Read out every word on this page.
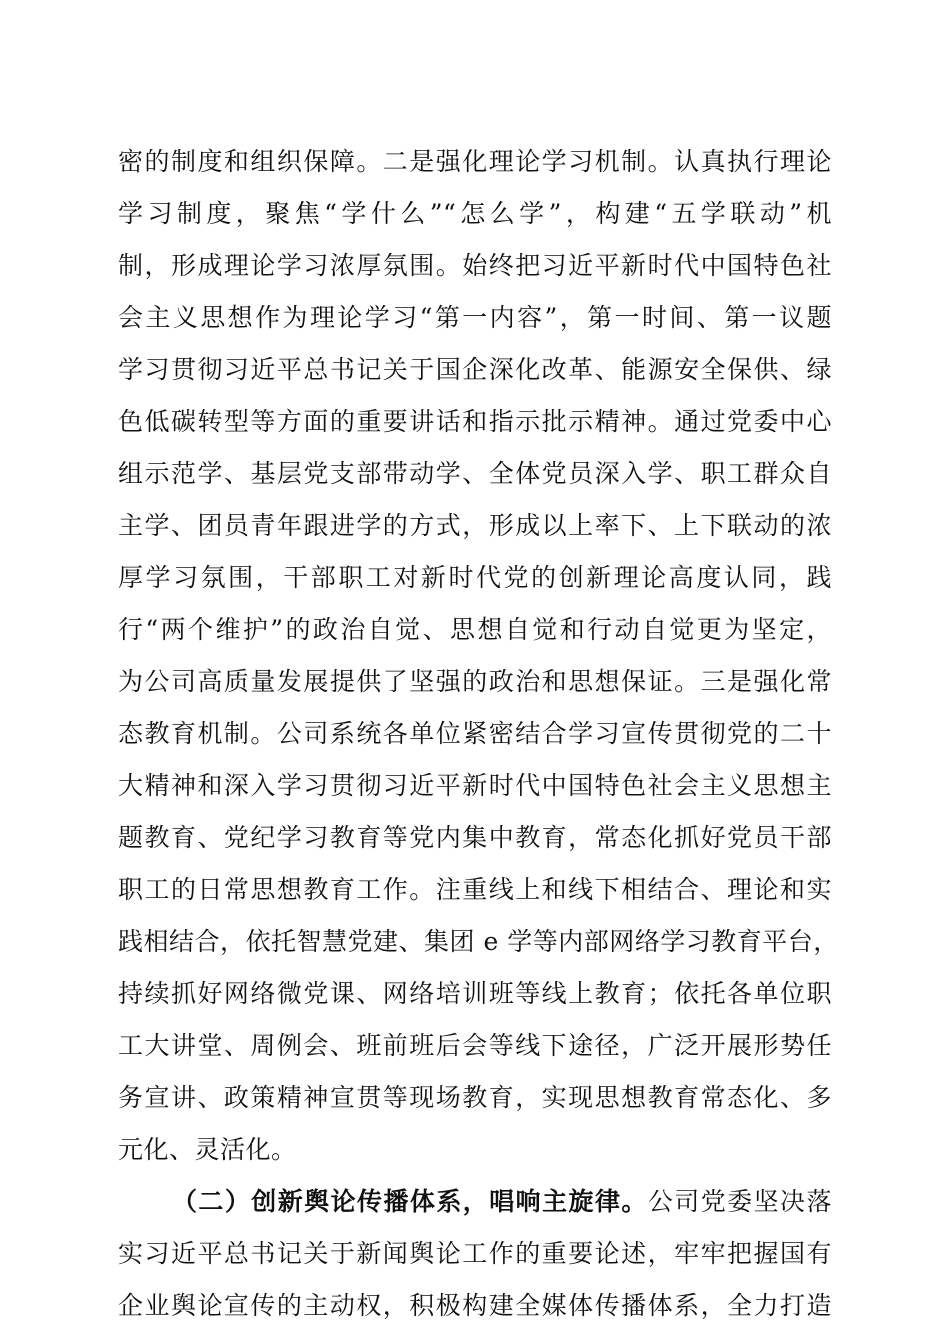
密的制度和组织保障。二是强化理论学习机制。认真执行理论
学习制度，聚焦“学什么”“怎么学”，构建“五学联动”机
制，形成理论学习浓厚氛围。始终把习近平新时代中国特色社
会主义思想作为理论学习“第一内容”，第一时间、第一议题
学习贯彻习近平总书记关于国企深化改革、能源安全保供、绿
色低碳转型等方面的重要讲话和指示批示精神。通过党委中心
组示范学、基层党支部带动学、全体党员深入学、职工群众自
主学、团员青年跟进学的方式，形成以上率下、上下联动的浓
厚学习氛围，干部职工对新时代党的创新理论高度认同，践
行“两个维护”的政治自觉、思想自觉和行动自觉更为坚定，
为公司高质量发展提供了坚强的政治和思想保证。三是强化常
态教育机制。公司系统各单位紧密结合学习宣传贯彻党的二十
大精神和深入学习贯彻习近平新时代中国特色社会主义思想主
题教育、党纪学习教育等党内集中教育，常态化抓好党员干部
职工的日常思想教育工作。注重线上和线下相结合、理论和实
践相结合，依托智慧党建、集团 e 学等内部网络学习教育平台，
持续抓好网络微党课、网络培训班等线上教育；依托各单位职
工大讲堂、周例会、班前班后会等线下途径，广泛开展形势任
务宣讲、政策精神宣贯等现场教育，实现思想教育常态化、多
元化、灵活化。
（二）创新舆论传播体系，唱响主旋律。公司党委坚决落
实习近平总书记关于新闻舆论工作的重要论述，牢牢把握国有
企业舆论宣传的主动权，积极构建全媒体传播体系，全力打造
